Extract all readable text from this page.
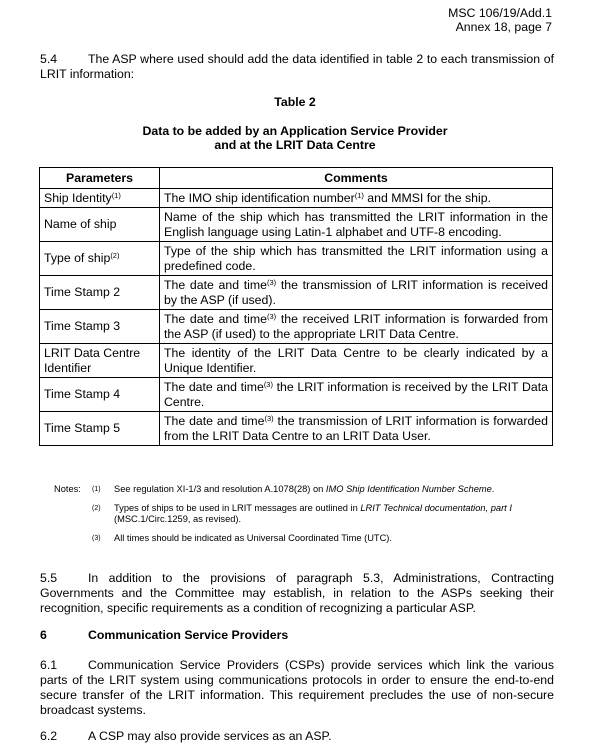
MSC 106/19/Add.1
Annex 18, page 7
5.4	The ASP where used should add the data identified in table 2 to each transmission of LRIT information:
Table 2
Data to be added by an Application Service Provider
and at the LRIT Data Centre
Parameters	Comments
Ship Identity$^{(1)}$	The IMO ship identification number$^{(1)}$ and MMSI for the ship.
Name of ship	Name of the ship which has transmitted the LRIT information in the English language using Latin-1 alphabet and UTF-8 encoding.
Type of ship$^{(2)}$	Type of the ship which has transmitted the LRIT information using a predefined code.
Time Stamp 2	The date and time$^{(3)}$ the transmission of LRIT information is received by the ASP (if used).
Time Stamp 3	The date and time$^{(3)}$ the received LRIT information is forwarded from the ASP (if used) to the appropriate LRIT Data Centre.
LRIT Data Centre Identifier	The identity of the LRIT Data Centre to be clearly indicated by a Unique Identifier.
Time Stamp 4	The date and time$^{(3)}$ the LRIT information is received by the LRIT Data Centre.
Time Stamp 5	The date and time$^{(3)}$ the transmission of LRIT information is forwarded from the LRIT Data Centre to an LRIT Data User.
Notes: (1) See regulation XI-1/3 and resolution A.1078(28) on IMO Ship Identification Number Scheme.
(2) Types of ships to be used in LRIT messages are outlined in LRIT Technical documentation, part I (MSC.1/Circ.1259, as revised).
(3) All times should be indicated as Universal Coordinated Time (UTC).
5.5	In addition to the provisions of paragraph 5.3, Administrations, Contracting Governments and the Committee may establish, in relation to the ASPs seeking their recognition, specific requirements as a condition of recognizing a particular ASP.
6	Communication Service Providers
6.1	Communication Service Providers (CSPs) provide services which link the various parts of the LRIT system using communications protocols in order to ensure the end-to-end secure transfer of the LRIT information. This requirement precludes the use of non-secure broadcast systems.
6.2	A CSP may also provide services as an ASP.
